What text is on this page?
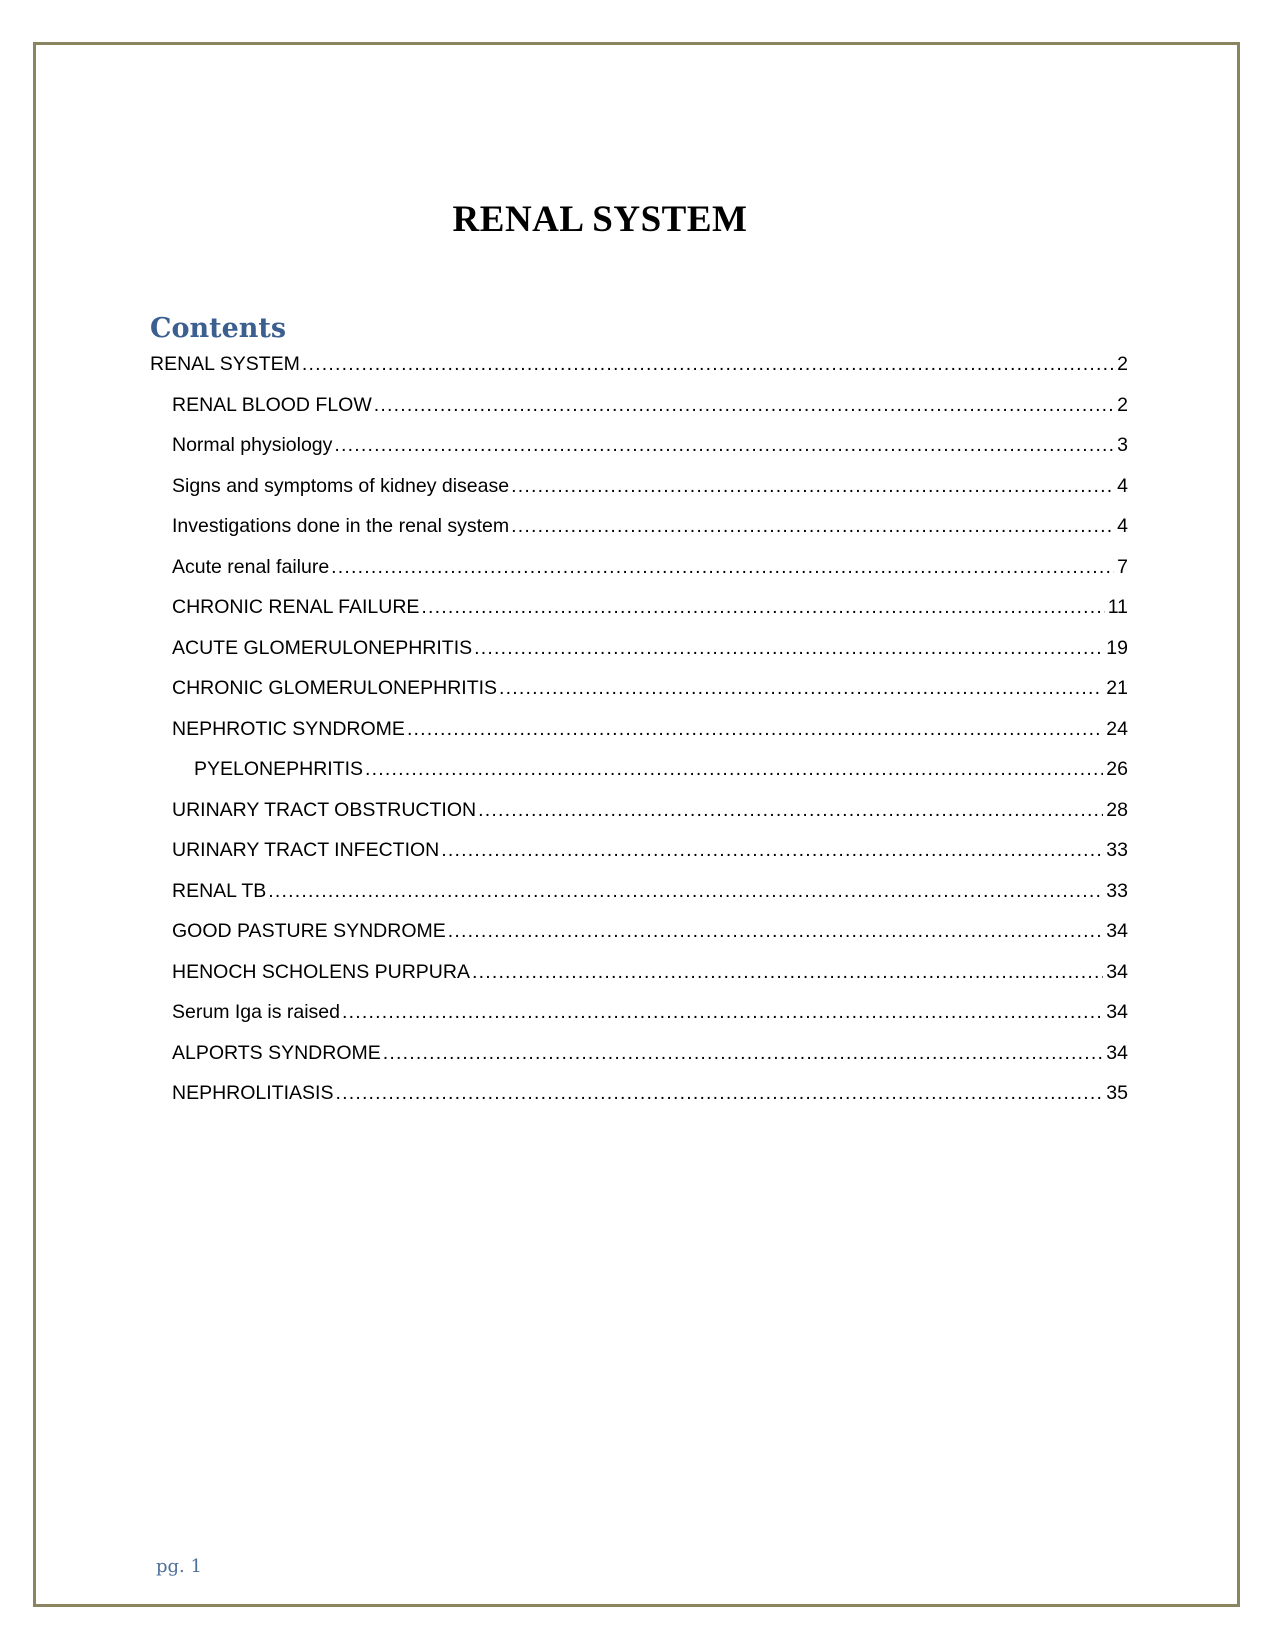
RENAL SYSTEM
Contents
RENAL SYSTEM .....	2
RENAL BLOOD FLOW .....	2
Normal physiology .....	3
Signs and symptoms of kidney disease .....	4
Investigations done in the renal system .....	4
Acute renal failure .....	7
CHRONIC RENAL FAILURE .....	11
ACUTE GLOMERULONEPHRITIS .....	19
CHRONIC GLOMERULONEPHRITIS .....	21
NEPHROTIC SYNDROME .....	24
PYELONEPHRITIS .....	26
URINARY TRACT OBSTRUCTION .....	28
URINARY TRACT INFECTION .....	33
RENAL TB .....	33
GOOD PASTURE SYNDROME .....	34
HENOCH SCHOLENS PURPURA .....	34
Serum Iga is raised .....	34
ALPORTS SYNDROME .....	34
NEPHROLITIASIS .....	35
pg. 1
